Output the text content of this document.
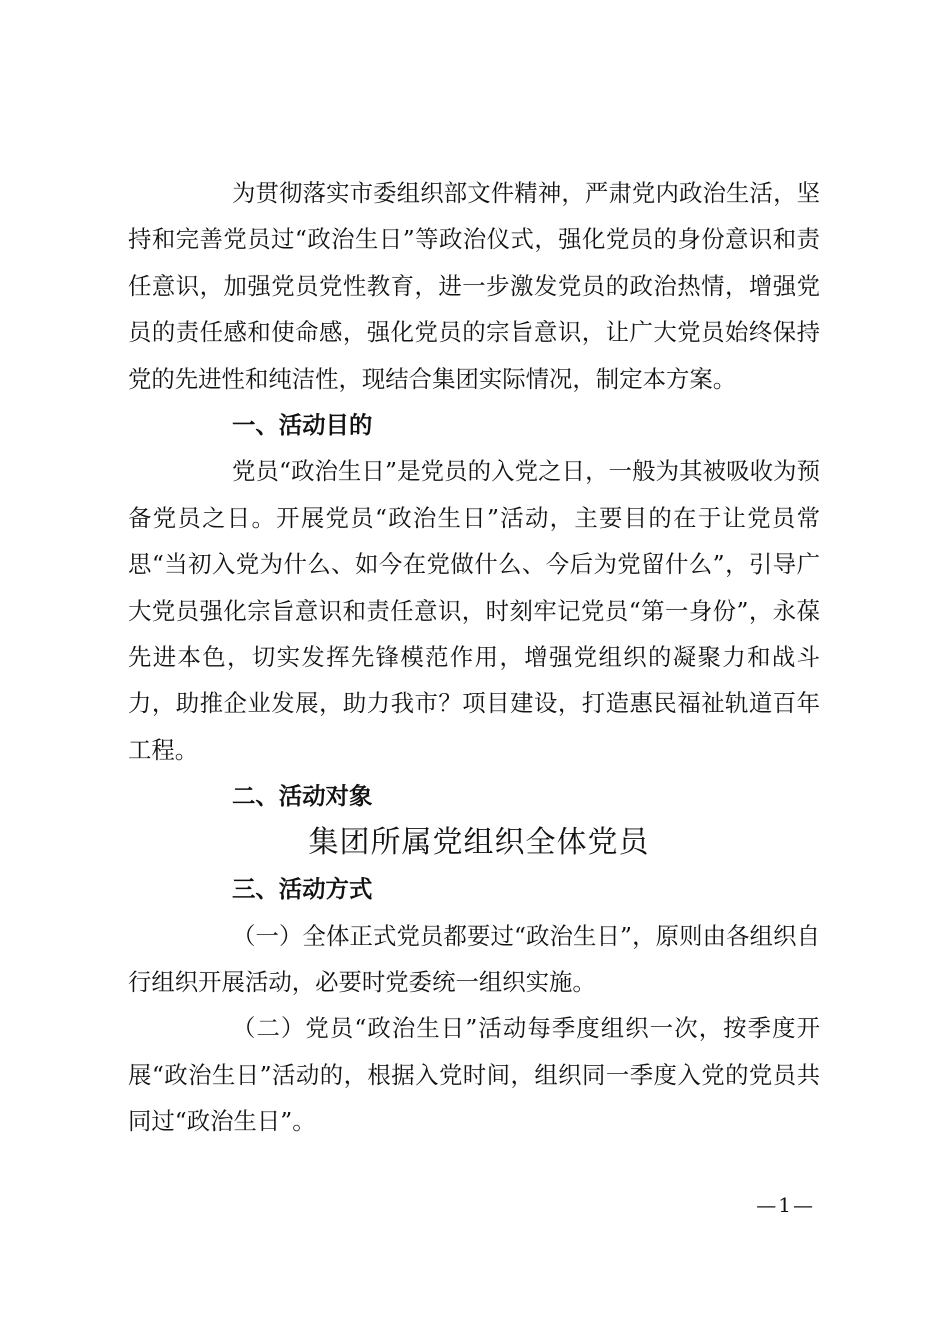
为贯彻落实市委组织部文件精神，严肃党内政治生活，坚持和完善党员过“政治生日”等政治仪式，强化党员的身份意识和责任意识，加强党员党性教育，进一步激发党员的政治热情，增强党员的责任感和使命感，强化党员的宗旨意识，让广大党员始终保持党的先进性和纯洁性，现结合集团实际情况，制定本方案。

一、活动目的

党员“政治生日”是党员的入党之日，一般为其被吸收为预备党员之日。开展党员“政治生日”活动，主要目的在于让党员常思“当初入党为什么、如今在党做什么、今后为党留什么”，引导广大党员强化宗旨意识和责任意识，时刻牢记党员“第一身份”，永葆先进本色，切实发挥先锋模范作用，增强党组织的凝聚力和战斗力，助推企业发展，助力我市？项目建设，打造惠民福祉轨道百年工程。

二、活动对象

集团所属党组织全体党员

三、活动方式

（一）全体正式党员都要过“政治生日”，原则由各组织自行组织开展活动，必要时党委统一组织实施。

（二）党员“政治生日”活动每季度组织一次，按季度开展“政治生日”活动的，根据入党时间，组织同一季度入党的党员共同过“政治生日”。

—1—
